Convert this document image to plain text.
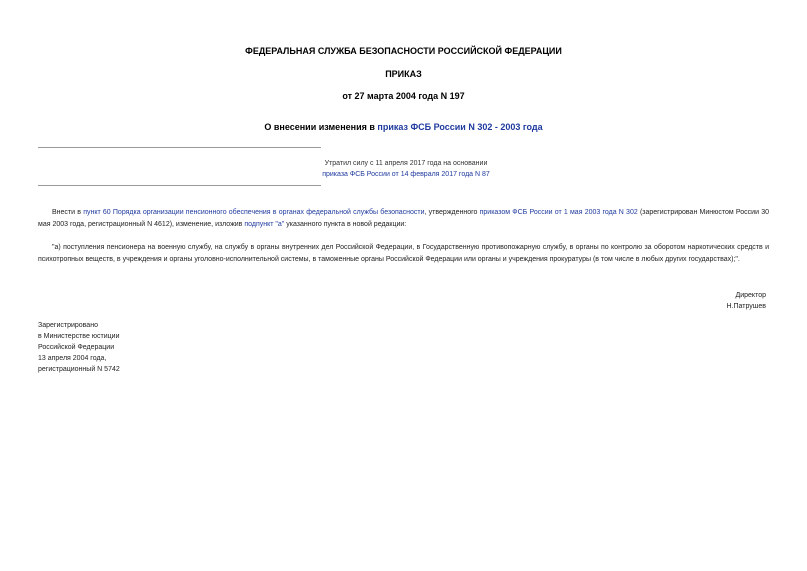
ФЕДЕРАЛЬНАЯ СЛУЖБА БЕЗОПАСНОСТИ РОССИЙСКОЙ ФЕДЕРАЦИИ
ПРИКАЗ
от 27 марта 2004 года N 197
О внесении изменения в приказ ФСБ России N 302 - 2003 года
Утратил силу с 11 апреля 2017 года на основании
приказа ФСБ России от 14 февраля 2017 года N 87
Внести в пункт 60 Порядка организации пенсионного обеспечения в органах федеральной службы безопасности, утвержденного приказом ФСБ России от 1 мая 2003 года N 302 (зарегистрирован Минюстом России 30 мая 2003 года, регистрационный N 4612), изменение, изложив подпункт "а" указанного пункта в новой редакции:
"а) поступления пенсионера на военную службу, на службу в органы внутренних дел Российской Федерации, в Государственную противопожарную службу, в органы по контролю за оборотом наркотических средств и психотропных веществ, в учреждения и органы уголовно-исполнительной системы, в таможенные органы Российской Федерации или органы и учреждения прокуратуры (в том числе в любых других государствах);".
Директор
Н.Патрушев
Зарегистрировано
в Министерстве юстиции
Российской Федерации
13 апреля 2004 года,
регистрационный N 5742
